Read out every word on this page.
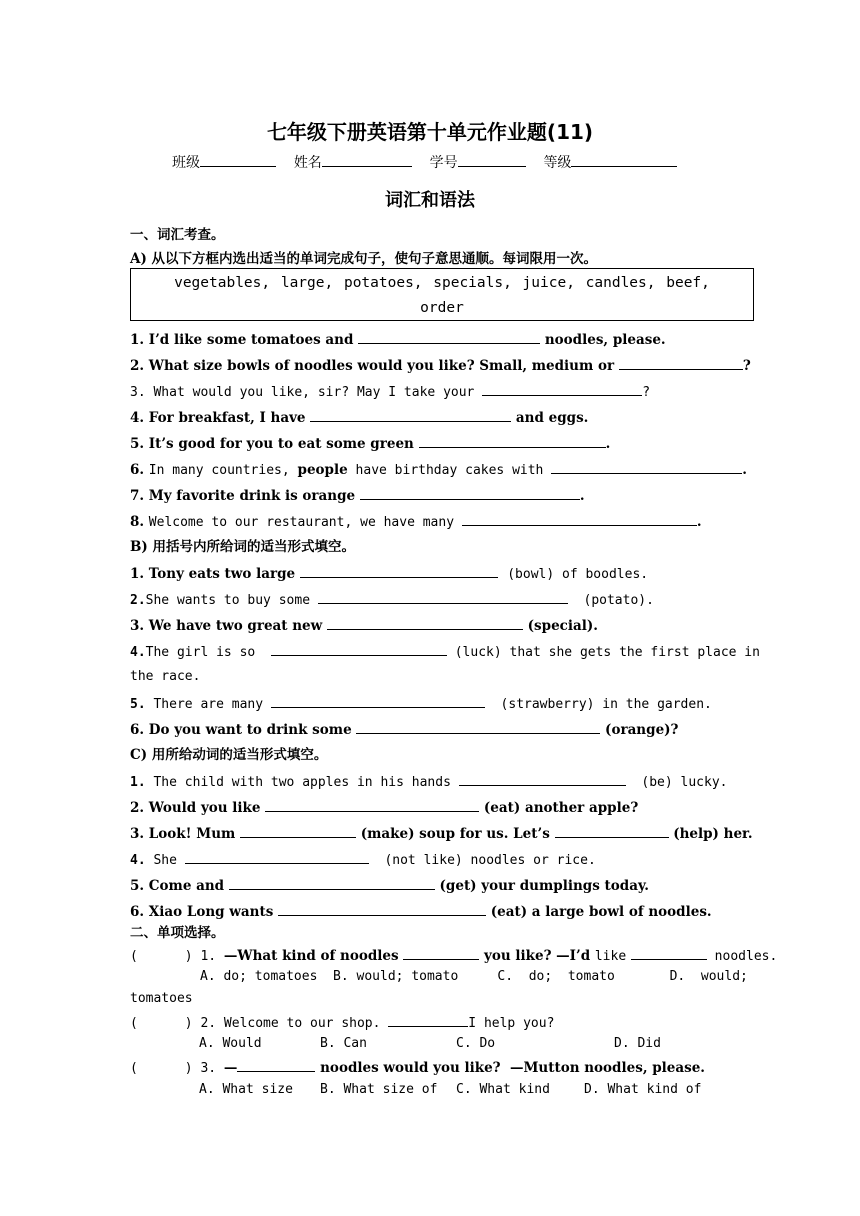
七年级下册英语第十单元作业题(11)
班级	姓名	学号	等级
词汇和语法
一、词汇考查。
A) 从以下方框内选出适当的单词完成句子，使句子意思通顺。每词限用一次。
vegetables, large, potatoes, specials, juice, candles, beef,
order
1. I’d like some tomatoes and	noodles, please.
2. What size bowls of noodles would you like? Small, medium or	?
3. What would you like, sir? May I take your	?
4. For breakfast, I have	and eggs.
5. It’s good for you to eat some green	.
6. In many countries, people have birthday cakes with	.
7. My favorite drink is orange	.
8. Welcome to our restaurant, we have many	.
B) 用括号内所给词的适当形式填空。
1. Tony eats two large	(bowl) of boodles.
2.She wants to buy some	(potato).
3. We have two great new	(special).
4.The girl is so	(luck) that she gets the first place in
the race.
5. There are many	(strawberry) in the garden.
6. Do you want to drink some	(orange)?
C) 用所给动词的适当形式填空。
1. The child with two apples in his hands	(be) lucky.
2. Would you like	(eat) another apple?
3. Look! Mum	(make) soup for us. Let’s	(help) her.
4. She	(not like) noodles or rice.
5. Come and	(get) your dumplings today.
6. Xiao Long wants	(eat) a large bowl of noodles.
二、单项选择。
(      ) 1. —What kind of noodles	you like? —I’d like	noodles.
A. do; tomatoes  B. would; tomato     C.  do;  tomato       D.  would;
tomatoes
(      ) 2. Welcome to our shop.	I help you?
A. Would	B. Can	C. Do	D. Did
(      ) 3. —	noodles would you like?  —Mutton noodles, please.
A. What size B. What size of C. What kind	D. What kind of
